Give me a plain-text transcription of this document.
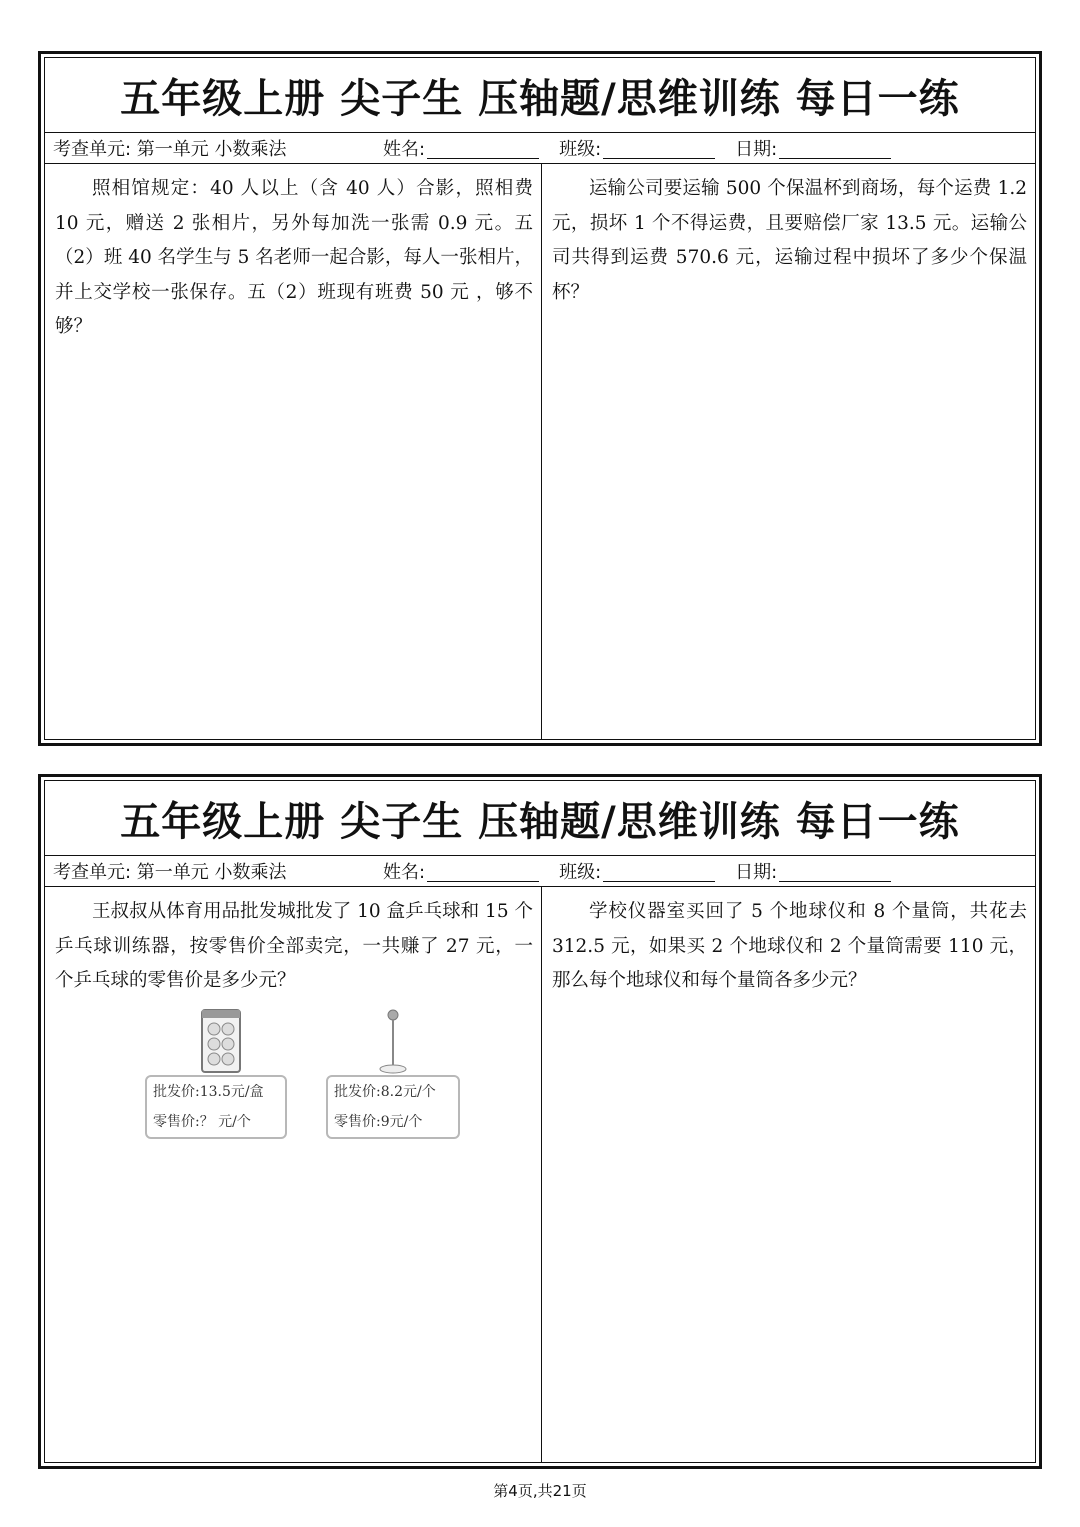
五年级上册 尖子生 压轴题/思维训练 每日一练
考查单元: 第一单元 小数乘法	姓名:	班级:	日期:

照相馆规定：40 人以上（含 40 人）合影，照相费 10 元，赠送 2 张相片，另外每加洗一张需 0.9 元。五（2）班 40 名学生与 5 名老师一起合影，每人一张相片，并上交学校一张保存。五（2）班现有班费 50 元 ，够不够？

运输公司要运输 500 个保温杯到商场，每个运费 1.2 元，损坏 1 个不得运费，且要赔偿厂家 13.5 元。运输公司共得到运费 570.6 元，运输过程中损坏了多少个保温杯？

五年级上册 尖子生 压轴题/思维训练 每日一练
考查单元: 第一单元 小数乘法	姓名:	班级:	日期:

王叔叔从体育用品批发城批发了 10 盒乒乓球和 15 个乒乓球训练器，按零售价全部卖完，一共赚了 27 元，一个乒乓球的零售价是多少元？

批发价:13.5元/盒
零售价:？ 元/个
批发价:8.2元/个
零售价:9元/个

学校仪器室买回了 5 个地球仪和 8 个量筒，共花去 312.5 元，如果买 2 个地球仪和 2 个量筒需要 110 元，那么每个地球仪和每个量筒各多少元？

第4页,共21页
